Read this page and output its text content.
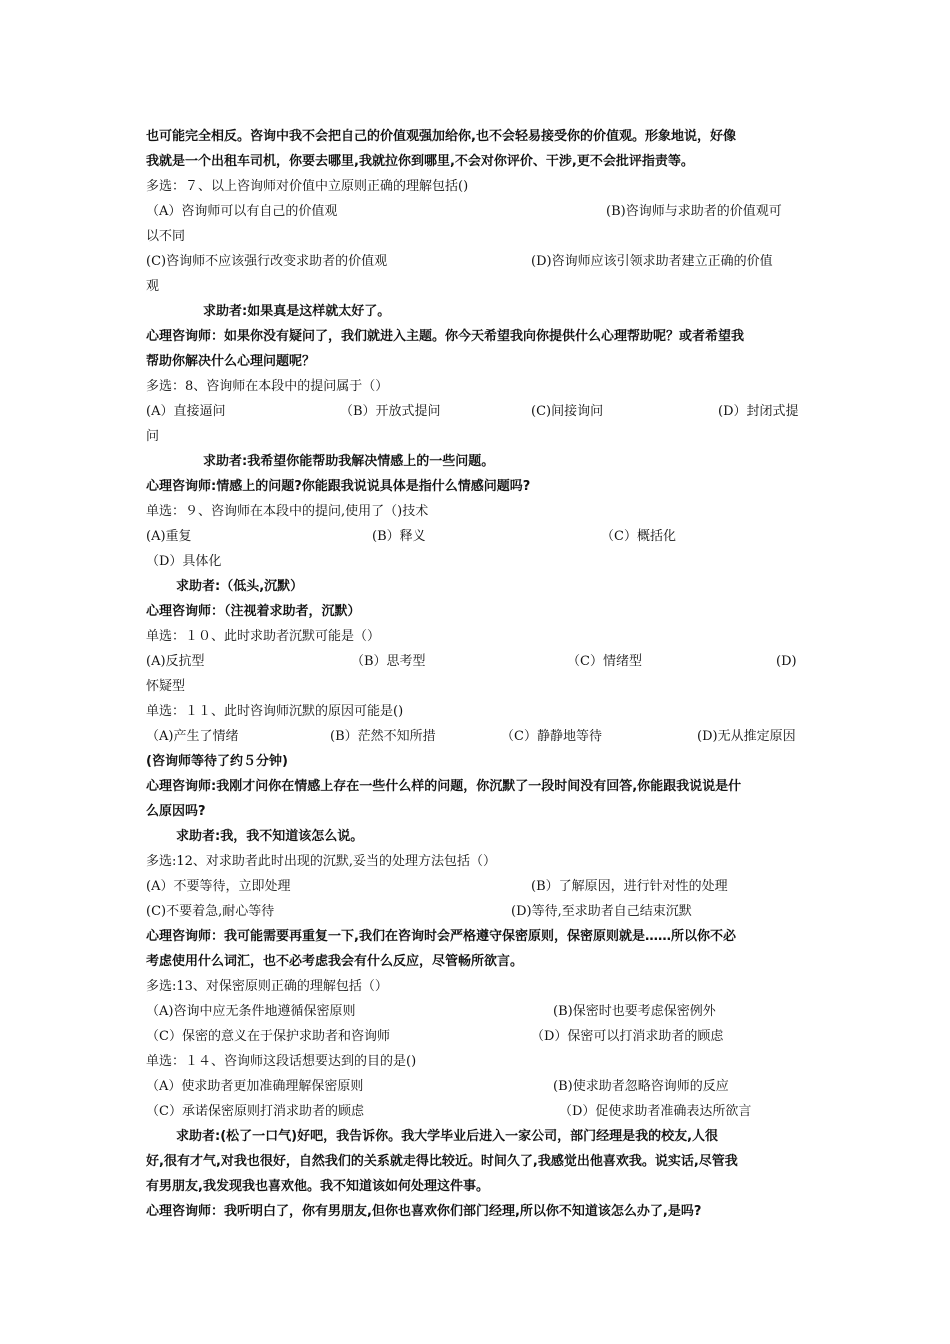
也可能完全相反。咨询中我不会把自己的价值观强加给你,也不会轻易接受你的价值观。形象地说，好像
我就是一个出租车司机，你要去哪里,我就拉你到哪里,不会对你评价、干涉,更不会批评指责等。
多选：７、以上咨询师对价值中立原则正确的理解包括()
（A）咨询师可以有自己的价值观	(B)咨询师与求助者的价值观可
以不同
(C)咨询师不应该强行改变求助者的价值观	(D)咨询师应该引领求助者建立正确的价值
观
求助者:如果真是这样就太好了。
心理咨询师：如果你没有疑问了，我们就进入主题。你今天希望我向你提供什么心理帮助呢？或者希望我
帮助你解决什么心理问题呢？
多选：8、咨询师在本段中的提问属于（）
(A）直接逼问	（B）开放式提问	(C)间接询问	(D）封闭式提
问
求助者:我希望你能帮助我解决情感上的一些问题。
心理咨询师:情感上的问题?你能跟我说说具体是指什么情感问题吗?
单选：９、咨询师在本段中的提问,使用了（)技术
(A)重复	(B）释义	（C）概括化
（D）具体化
求助者:（低头,沉默）
心理咨询师：（注视着求助者，沉默）
单选：１０、此时求助者沉默可能是（）
(A)反抗型	（B）思考型	（C）情绪型	(D)
怀疑型
单选：１１、此时咨询师沉默的原因可能是()
（A)产生了情绪	(B）茫然不知所措	（C）静静地等待	(D)无从推定原因
(咨询师等待了约５分钟)
心理咨询师:我刚才问你在情感上存在一些什么样的问题，你沉默了一段时间没有回答,你能跟我说说是什
么原因吗?
求助者:我，我不知道该怎么说。
多选:12、对求助者此时出现的沉默,妥当的处理方法包括（）
(A）不要等待，立即处理	(B）了解原因，进行针对性的处理
(C)不要着急,耐心等待	(D)等待,至求助者自己结束沉默
心理咨询师：我可能需要再重复一下,我们在咨询时会严格遵守保密原则，保密原则就是……所以你不必
考虑使用什么词汇，也不必考虑我会有什么反应，尽管畅所欲言。
多选:13、对保密原则正确的理解包括（）
（A)咨询中应无条件地遵循保密原则	(B)保密时也要考虑保密例外
（C）保密的意义在于保护求助者和咨询师	（D）保密可以打消求助者的顾虑
单选：１４、咨询师这段话想要达到的目的是()
（A）使求助者更加准确理解保密原则	(B)使求助者忽略咨询师的反应
（C）承诺保密原则打消求助者的顾虑	（D）促使求助者准确表达所欲言
求助者:(松了一口气)好吧，我告诉你。我大学毕业后进入一家公司，部门经理是我的校友,人很
好,很有才气,对我也很好，自然我们的关系就走得比较近。时间久了,我感觉出他喜欢我。说实话,尽管我
有男朋友,我发现我也喜欢他。我不知道该如何处理这件事。
心理咨询师：我听明白了，你有男朋友,但你也喜欢你们部门经理,所以你不知道该怎么办了,是吗?
